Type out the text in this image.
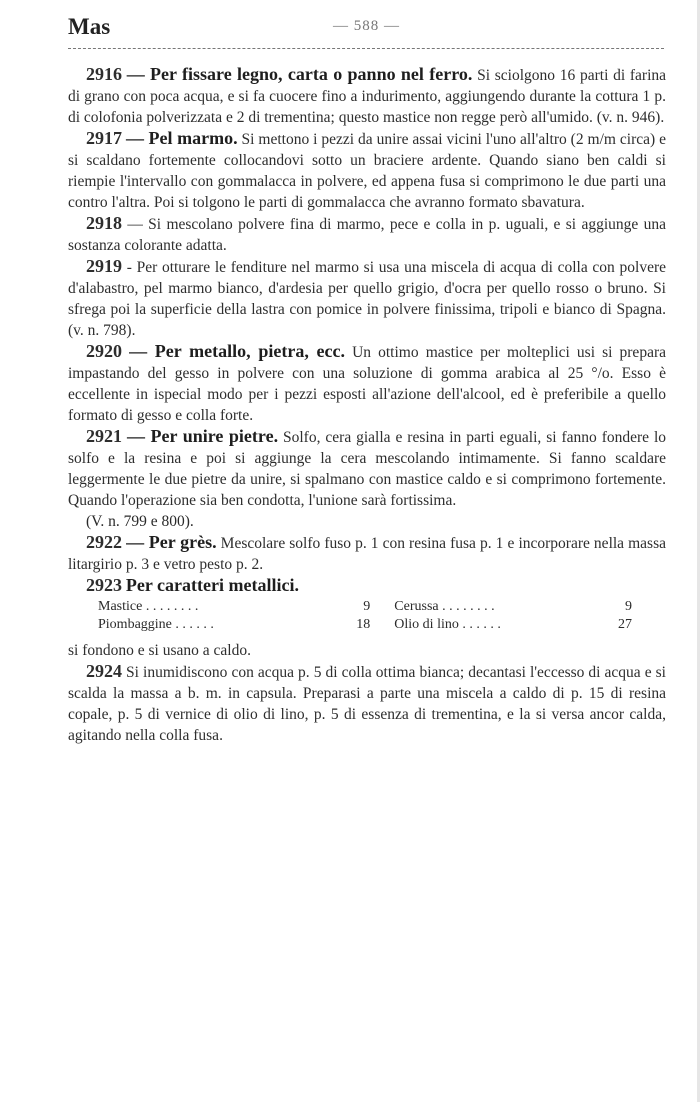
Mas	— 588 —

2916 — Per fissare legno, carta o panno nel ferro. Si sciolgono 16 parti di farina di grano con poca acqua, e si fa cuocere fino a indurimento, aggiungendo durante la cottura 1 p. di colofonia polverizzata e 2 di trementina; questo mastice non regge però all'umido. (v. n. 946).

2917 — Pel marmo. Si mettono i pezzi da unire assai vicini l'uno all'altro (2 m/m circa) e si scaldano fortemente collocandovi sotto un braciere ardente. Quando siano ben caldi si riempie l'intervallo con gommalacca in polvere, ed appena fusa si comprimono le due parti una contro l'altra. Poi si tolgono le parti di gommalacca che avranno formato sbavatura.

2918 — Si mescolano polvere fina di marmo, pece e colla in p. uguali, e si aggiunge una sostanza colorante adatta.

2919 - Per otturare le fenditure nel marmo si usa una miscela di acqua di colla con polvere d'alabastro, pel marmo bianco, d'ardesia per quello grigio, d'ocra per quello rosso o bruno. Si sfrega poi la superficie della lastra con pomice in polvere finissima, tripoli e bianco di Spagna. (v. n. 798).

2920 — Per metallo, pietra, ecc. Un ottimo mastice per molteplici usi si prepara impastando del gesso in polvere con una soluzione di gomma arabica al 25 °/o. Esso è eccellente in ispecial modo per i pezzi esposti all'azione dell'alcool, ed è preferibile a quello formato di gesso e colla forte.

2921 — Per unire pietre. Solfo, cera gialla e resina in parti eguali, si fanno fondere lo solfo e la resina e poi si aggiunge la cera mescolando intimamente. Si fanno scaldare leggermente le due pietre da unire, si spalmano con mastice caldo e si comprimono fortemente. Quando l'operazione sia ben condotta, l'unione sarà fortissima.

(V. n. 799 e 800).

2922 — Per grès. Mescolare solfo fuso p. 1 con resina fusa p. 1 e incorporare nella massa litargirio p. 3 e vetro pesto p. 2.

2923 Per caratteri metallici.

Mastice . . . . . . . .	9	Cerussa . . . . . . . .	9
Piombaggine . . . . . .	18	Olio di lino . . . . . .	27

si fondono e si usano a caldo.

2924 Si inumidiscono con acqua p. 5 di colla ottima bianca; decantasi l'eccesso di acqua e si scalda la massa a b. m. in capsula. Preparasi a parte una miscela a caldo di p. 15 di resina copale, p. 5 di vernice di olio di lino, p. 5 di essenza di trementina, e la si versa ancor calda, agitando nella colla fusa.
